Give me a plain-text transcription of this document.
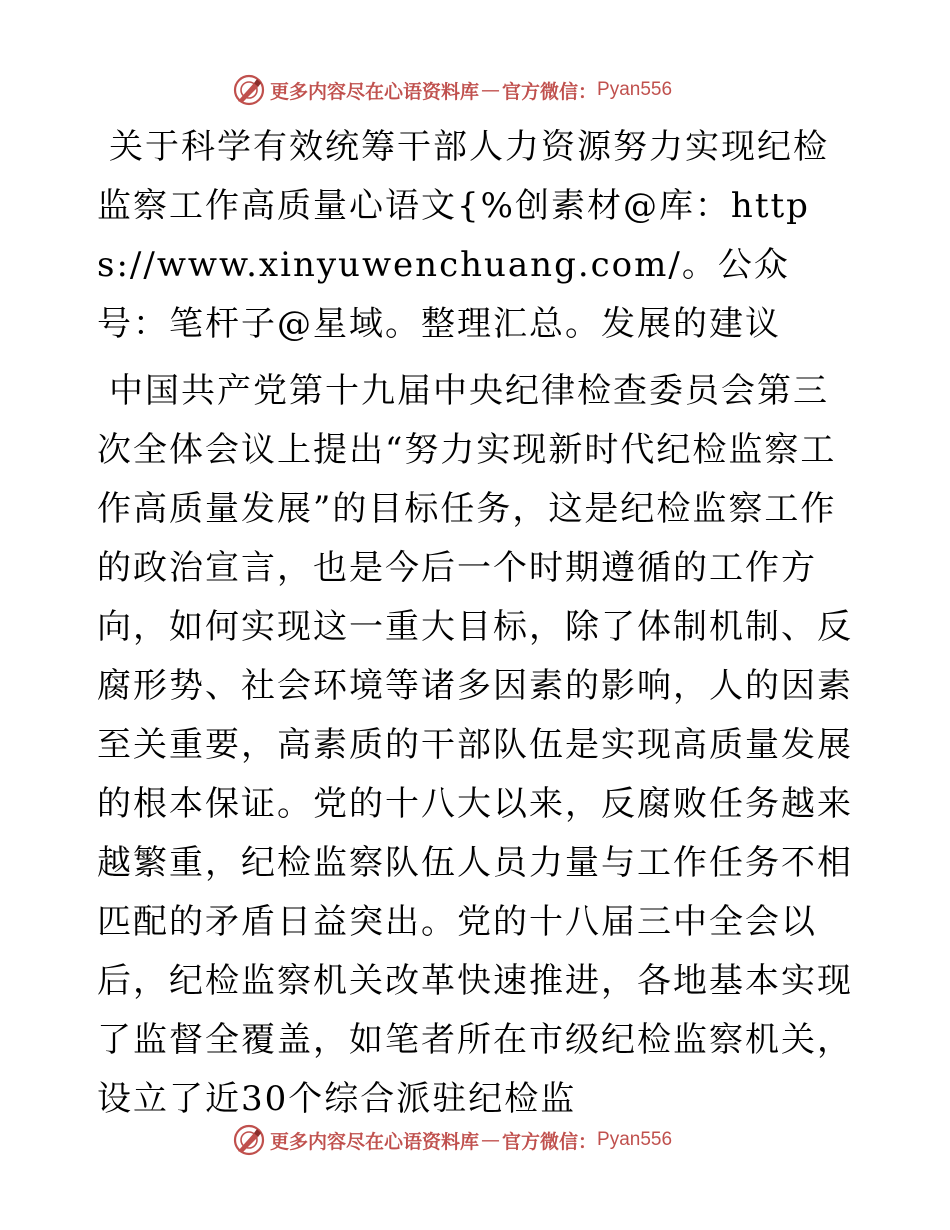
更多内容尽在心语资料库 — 官方微信： Pyan556

关于科学有效统筹干部人力资源努力实现纪检监察工作高质量心语文{%创素材@库：https://www.xinyuwenchuang.com/。公众号：笔杆子@星域。整理汇总。发展的建议

中国共产党第十九届中央纪律检查委员会第三次全体会议上提出“努力实现新时代纪检监察工作高质量发展”的目标任务，这是纪检监察工作的政治宣言，也是今后一个时期遵循的工作方向，如何实现这一重大目标，除了体制机制、反腐形势、社会环境等诸多因素的影响，人的因素至关重要，高素质的干部队伍是实现高质量发展的根本保证。党的十八大以来，反腐败任务越来越繁重，纪检监察队伍人员力量与工作任务不相匹配的矛盾日益突出。党的十八届三中全会以后，纪检监察机关改革快速推进，各地基本实现了监督全覆盖，如笔者所在市级纪检监察机关，设立了近30个综合派驻纪检监

更多内容尽在心语资料库 — 官方微信： Pyan556
